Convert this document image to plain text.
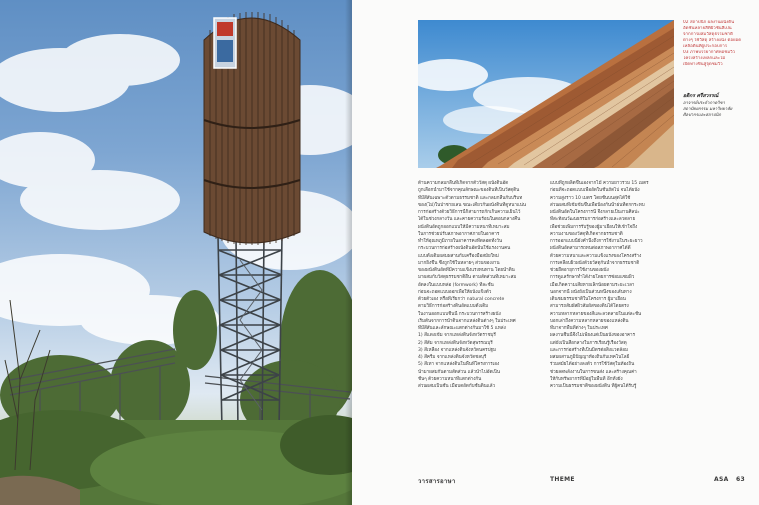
02 สถาปนิก ผลงานผนังดิน
อัดชั้นหลายสีที่ผิวชั้นสีเป็น
จากการผสมวัสดุธรรมชาติ
ต่างๆ ใช้วัสดุ สร้างผนัง ต่อยอด
เหลือดินที่ผู้ประกอบการ
03 ภาพบรรยากาศหอชมวิว
โครงสร้างเหล็กและไม้
เปิดทางขึ้นสู่จุดชมวิว

อติกร ศรีสวรรณ์
อาจารย์ประจำภาควิชา
สถาปัตยกรรม มหาวิทยาลัย
ศิลปากรและสถาปนิก

ด้านความกลมกลืนที่เกิดจากตัววัสดุ ผนังดินอัด
ถูกเลือกนำมาใช้จากคุณลักษณะของดินที่เป็นวัสดุดิน
ที่มีสีสันเฉพาะตัวตามธรรมชาติ และกลมกลืนกับบริบท
ของ(ไม่)ในป่าชายเลน ขณะเดียวกันผนังดินที่ดูหนาแน่น
การก่อสร้างด้วยวิธีการนี้ก็สามารถกักเก็บความเย็นไว้
ได้ในช่วงกลางวัน และคายความร้อนในตอนกลางคืน
ผนังดินอัดถูกออกแบบให้มีความหนาที่เหมาะสม
ในการช่วยปรับสภาพอากาศภายในอาคาร
ทำให้อุณหภูมิภายในอาคารคงที่ตลอดทั้งวัน
กระบวนการก่อสร้างผนังดินอัดนั้นใช้แรงงานคน
แบบดั้งเดิมผสมผสานกับเครื่องมือสมัยใหม่
มากยิ่งขึ้น ซึ่งถูกใช้ในหลายๆ ส่วนของงาน
ของผนังดินอัดที่มีความแข็งแรงทนทาน โดยนำดิน
มาผสมกับวัสดุธรรมชาติอื่น ตามสัดส่วนที่เหมาะสม
อัดลงในแบบหล่อ (formwork) ทีละชั้น
ก่อนจะถอดแบบออกเพื่อให้ผนังแข็งตัว
ด้วยตัวเอง หรือที่เรียกว่า natural concrete
ตามวิธีการก่อสร้างดินอัดแบบดั้งเดิม
ในงานออกแบบชิ้นนี้ กระบวนการสร้างผนัง
เริ่มต้นจากการนำดินจากแหล่งดินต่างๆ ในประเทศ
ที่มีสีสันและลักษณะแตกต่างกันมาใช้ 5 แหล่ง
1) สีแดงเข้ม จากแหล่งดินจังหวัดราชบุรี
2) สีส้ม จากแหล่งดินจังหวัดสุพรรณบุรี
3) สีเหลือง จากแหล่งดินจังหวัดนครปฐม
4) สีครีม จากแหล่งดินจังหวัดชลบุรี
5) สีเทา จากแหล่งดินในพื้นที่โครงการเอง
นำมาผสมกันตามสัดส่วน แล้วนำไปอัดเป็น
ชั้นๆ ด้วยความหนาที่แตกต่างกัน
ส่วนผสมเป็นชั้น เมื่อบดอัดกับชั้นดินแล้ว

แบบที่ถูกผลิตขึ้นเองจากไม้ ความยาวรวม 15 เมตร
ก่อนที่จะถอดแบบเพื่ออัดในชั้นถัดไป จนได้ผนัง
ความสูงราว 10 เมตร โดยชั้นบนสุดได้ใช้
ส่วนผสมที่เข้มข้นขึ้นเพื่อป้องกันน้ำฝนที่ตกกระทบ
ผนังดินอัดในโครงการนี้ จึงกลายเป็นงานศิลปะ
ที่สะท้อนวัฒนธรรมการก่อสร้างและลวดลาย
เพื่อช่วยเพิ่มการรับรู้ของผู้มาเยือนให้เข้าใจถึง
ความงามของวัสดุที่เกิดจากธรรมชาติ
การออกแบบนี้ยังคำนึงถึงการใช้งานในระยะยาว
ผนังดินอัดสามารถทนต่อสภาพอากาศได้ดี
ด้วยความหนาและความแข็งแรงของโครงสร้าง
การเคลือบผิวผนังด้วยวัสดุกันน้ำจากธรรมชาติ
ช่วยยืดอายุการใช้งานของผนัง
การดูแลรักษาทำได้ง่ายโดยการซ่อมแซมผิว
เมื่อเกิดความเสียหายเล็กน้อยตามระยะเวลา
นอกจากนี้ ผนังยังเป็นส่วนหนึ่งของเส้นทาง
เดินชมธรรมชาติในโครงการ ผู้มาเยือน
สามารถสัมผัสผิวสัมผัสของดินได้โดยตรง
ความหลากหลายของสีและลวดลายในแต่ละชั้น
บอกเล่าถึงความหลากหลายของแหล่งดิน
ที่มาจากพื้นที่ต่างๆ ในประเทศ
ผลงานชิ้นนี้จึงไม่เพียงแต่เป็นผนังของอาคาร
แต่ยังเป็นสื่อกลางในการเรียนรู้เรื่องวัสดุ
และการก่อสร้างที่เป็นมิตรต่อสิ่งแวดล้อม
ผสมผสานภูมิปัญญาท้องถิ่นกับเทคโนโลยี
ร่วมสมัยได้อย่างลงตัว การใช้วัสดุในท้องถิ่น
ช่วยลดพลังงานในการขนส่ง และสร้างคุณค่า
ให้กับทรัพยากรที่มีอยู่ในพื้นที่ อีกทั้งยัง
ความเป็นธรรมชาติของผนังดิน ที่ผู้คนได้รับรู้

วารสารอาษา	THEME	ASA 63
